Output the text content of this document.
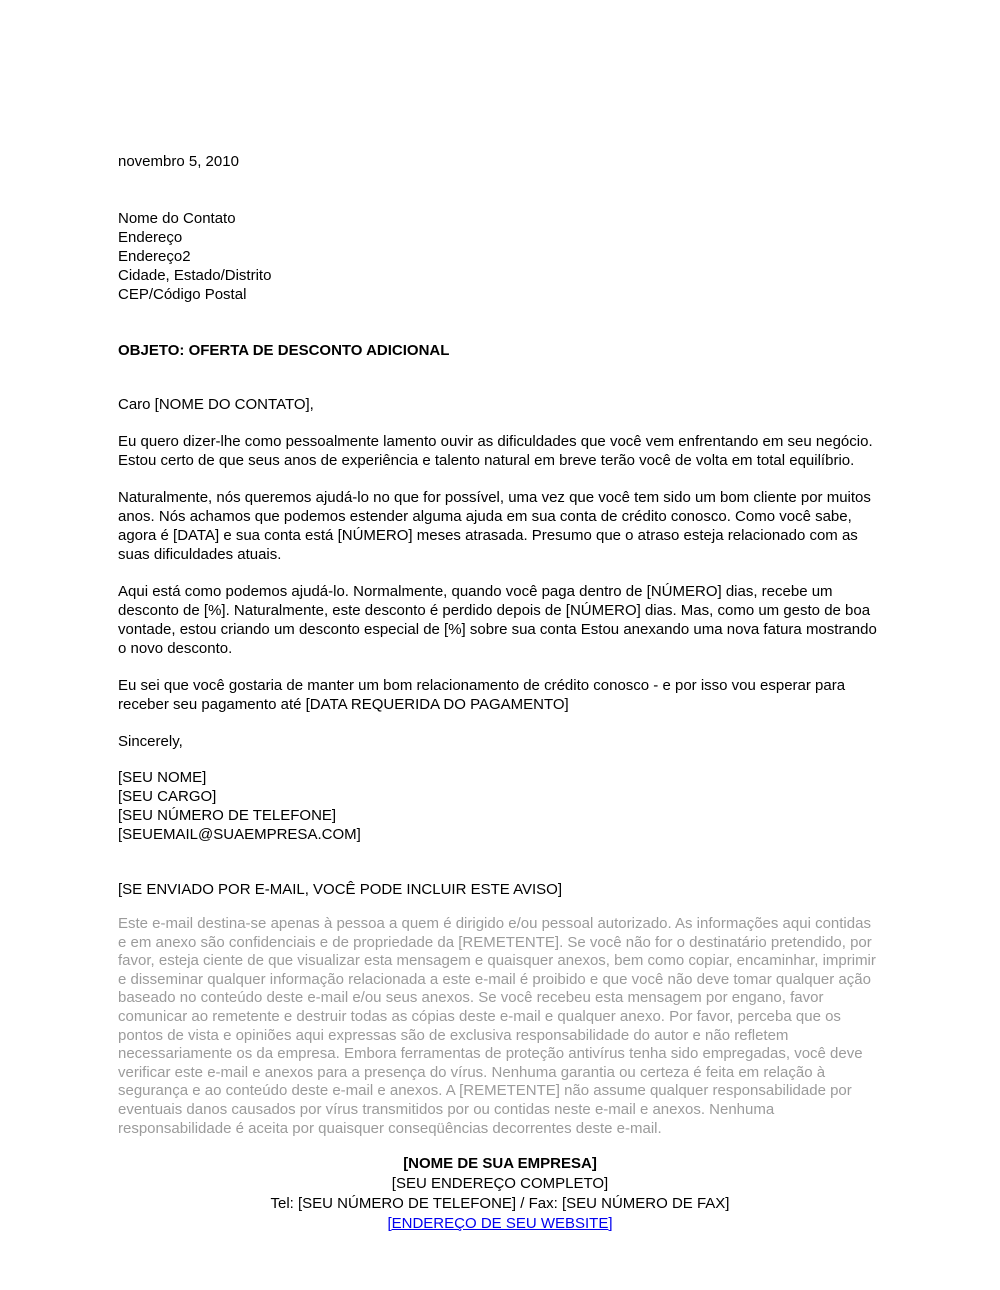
novembro 5, 2010
Nome do Contato
Endereço
Endereço2
Cidade, Estado/Distrito
CEP/Código Postal
OBJETO: OFERTA DE DESCONTO ADICIONAL
Caro [NOME DO CONTATO],

Eu quero dizer-lhe como pessoalmente lamento ouvir as dificuldades que você vem enfrentando em seu negócio. Estou certo de que seus anos de experiência e talento natural em breve terão você de volta em total equilíbrio.

Naturalmente, nós queremos ajudá-lo no que for possível, uma vez que você tem sido um bom cliente por muitos anos. Nós achamos que podemos estender alguma ajuda em sua conta de crédito conosco. Como você sabe, agora é [DATA] e sua conta está [NÚMERO] meses atrasada. Presumo que o atraso esteja relacionado com as suas dificuldades atuais.

Aqui está como podemos ajudá-lo. Normalmente, quando você paga dentro de [NÚMERO] dias, recebe um desconto de [%]. Naturalmente, este desconto é perdido depois de [NÚMERO] dias. Mas, como um gesto de boa vontade, estou criando um desconto especial de [%] sobre sua conta Estou anexando uma nova fatura mostrando o novo desconto.

Eu sei que você gostaria de manter um bom relacionamento de crédito conosco - e por isso vou esperar para receber seu pagamento até [DATA REQUERIDA DO PAGAMENTO]

Sincerely,
[SEU NOME]
[SEU CARGO]
[SEU NÚMERO DE TELEFONE]
[SEUEMAIL@SUAEMPRESA.COM]
[SE ENVIADO POR E-MAIL, VOCÊ PODE INCLUIR ESTE AVISO]
Este e-mail destina-se apenas à pessoa a quem é dirigido e/ou pessoal autorizado. As informações aqui contidas e em anexo são confidenciais e de propriedade da [REMETENTE]. Se você não for o destinatário pretendido, por favor, esteja ciente de que visualizar esta mensagem e quaisquer anexos, bem como copiar, encaminhar, imprimir e disseminar qualquer informação relacionada a este e-mail é proibido e que você não deve tomar qualquer ação baseado no conteúdo deste e-mail e/ou seus anexos. Se você recebeu esta mensagem por engano, favor comunicar ao remetente e destruir todas as cópias deste e-mail e qualquer anexo. Por favor, perceba que os pontos de vista e opiniões aqui expressas são de exclusiva responsabilidade do autor e não refletem necessariamente os da empresa. Embora ferramentas de proteção antivírus tenha sido empregadas, você deve verificar este e-mail e anexos para a presença do vírus. Nenhuma garantia ou certeza é feita em relação à segurança e ao conteúdo deste e-mail e anexos. A [REMETENTE] não assume qualquer responsabilidade por eventuais danos causados por vírus transmitidos por ou contidas neste e-mail e anexos. Nenhuma responsabilidade é aceita por quaisquer conseqüências decorrentes deste e-mail.
[NOME DE SUA EMPRESA]
[SEU ENDEREÇO COMPLETO]
Tel: [SEU NÚMERO DE TELEFONE] / Fax: [SEU NÚMERO DE FAX]
[ENDEREÇO DE SEU WEBSITE]
